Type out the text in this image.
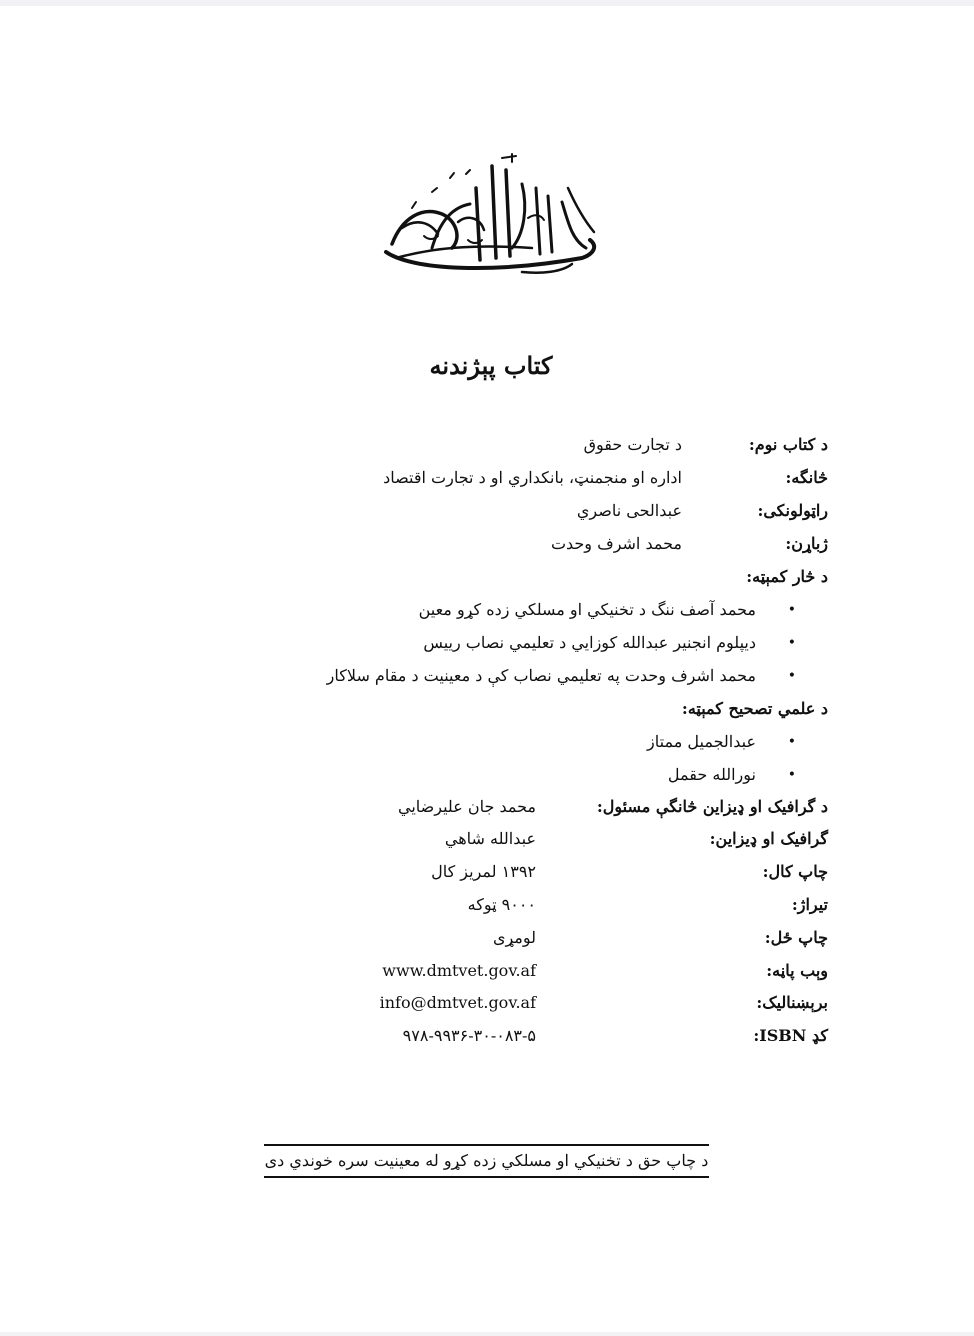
کتاب پېژندنه
د کتاب نوم:
د تجارت حقوق
څانگه:
اداره او منجمنټ، بانکداري او د تجارت اقتصاد
راټولونکی:
عبدالحی ناصري
ژباړن:
محمد اشرف وحدت
د څار کمېټه:
•
محمد آصف ننگ د تخنیکي او مسلکي زده کړو معین
•
دیپلوم انجنیر عبدالله کوزايي د تعلیمي نصاب رييس
•
محمد اشرف وحدت په تعلیمي نصاب کې د معينيت د مقام سلاکار
د علمي تصحيح کمېټه:
•
عبدالجمیل ممتاز
•
نورالله حقمل
د گرافیک او ډیزاین څانگې مسئول:
محمد جان علیرضايي
گرافیک او ډیزاین:
عبدالله شاهي
چاپ کال:
۱۳۹۲ لمریز کال
تیراژ:
۹۰۰۰ ټوکه
چاپ ځل:
لومړی
وېب پاڼه:
www.dmtvet.gov.af
برېښنالیک:
info@dmtvet.gov.af
کډ ISBN:
۹۷۸-۹۹۳۶-۳۰-۰۸۳-۵
د چاپ حق د تخنیکي او مسلکي زده کړو له معینیت سره خوندي دی
